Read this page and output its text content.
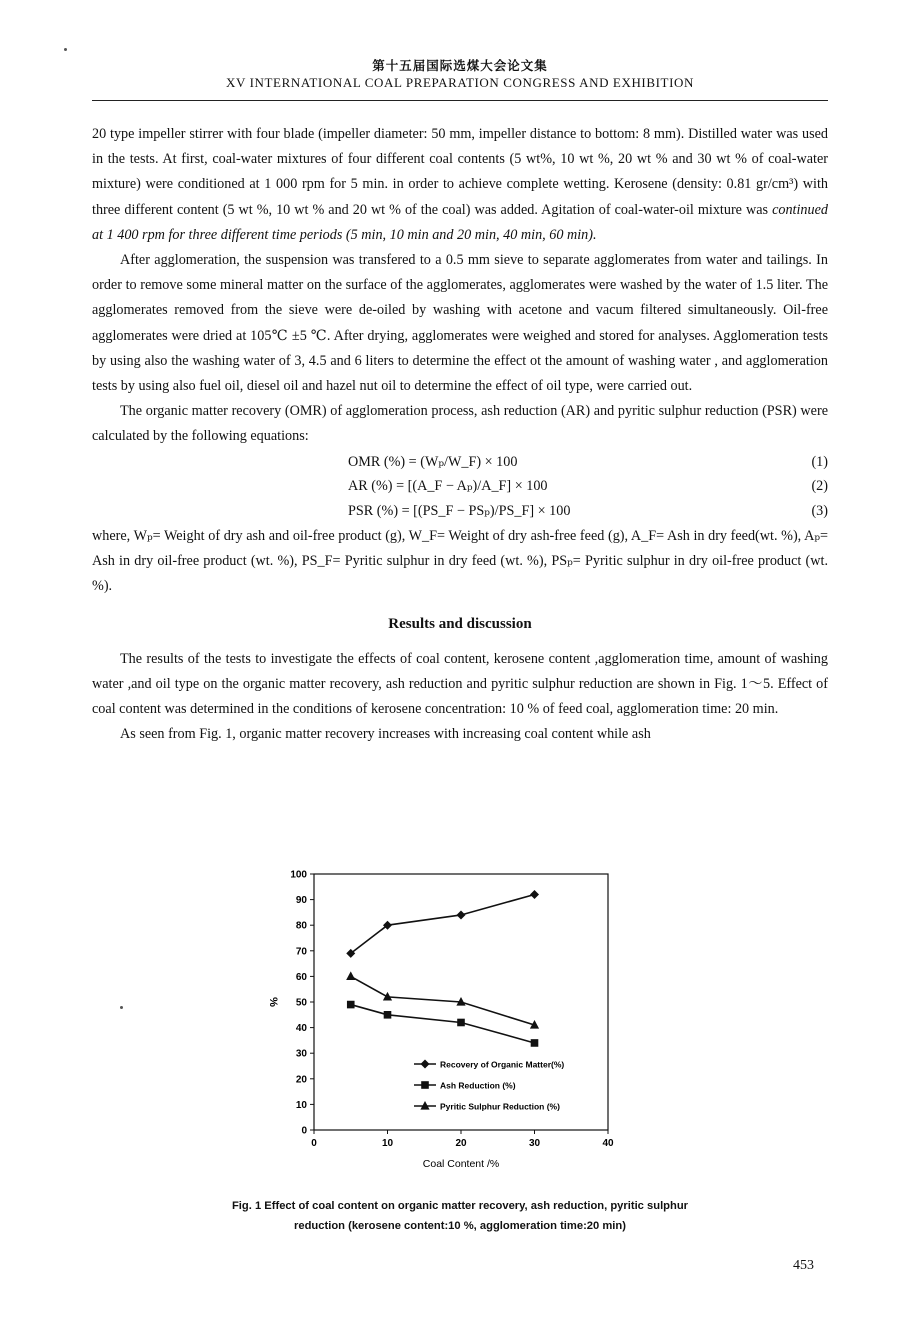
第十五届国际选煤大会论文集
XV INTERNATIONAL COAL PREPARATION CONGRESS AND EXHIBITION

20 type impeller stirrer with four blade (impeller diameter: 50 mm, impeller distance to bottom: 8 mm). Distilled water was used in the tests. At first, coal-water mixtures of four different coal contents (5 wt%, 10 wt %, 20 wt % and 30 wt % of coal-water mixture) were conditioned at 1 000 rpm for 5 min. in order to achieve complete wetting. Kerosene (density: 0.81 gr/cm³) with three different content (5 wt %, 10 wt % and 20 wt % of the coal) was added. Agitation of coal-water-oil mixture was continued at 1 400 rpm for three different time periods (5 min, 10 min and 20 min, 40 min, 60 min).

After agglomeration, the suspension was transfered to a 0.5 mm sieve to separate agglomerates from water and tailings. In order to remove some mineral matter on the surface of the agglomerates, agglomerates were washed by the water of 1.5 liter. The agglomerates removed from the sieve were de-oiled by washing with acetone and vacum filtered simultaneously. Oil-free agglomerates were dried at 105℃ ±5 ℃. After drying, agglomerates were weighed and stored for analyses. Agglomeration tests by using also the washing water of 3, 4.5 and 6 liters to determine the effect ot the amount of washing water , and agglomeration tests by using also fuel oil, diesel oil and hazel nut oil to determine the effect of oil type, were carried out.

The organic matter recovery (OMR) of agglomeration process, ash reduction (AR) and pyritic sulphur reduction (PSR) were calculated by the following equations:

OMR (%) = (Wₚ/W_F) × 100	(1)
AR (%) = [(A_F − Aₚ)/A_F] × 100	(2)
PSR (%) = [(PS_F − PSₚ)/PS_F] × 100	(3)

where, Wₚ= Weight of dry ash and oil-free product (g), W_F= Weight of dry ash-free feed (g), A_F= Ash in dry feed(wt. %), Aₚ= Ash in dry oil-free product (wt. %), PS_F= Pyritic sulphur in dry feed (wt. %), PSₚ= Pyritic sulphur in dry oil-free product (wt. %).

Results and discussion

The results of the tests to investigate the effects of coal content, kerosene content ,agglomeration time, amount of washing water ,and oil type on the organic matter recovery, ash reduction and pyritic sulphur reduction are shown in Fig. 1～5. Effect of coal content was determined in the conditions of kerosene concentration: 10 % of feed coal, agglomeration time: 20 min.

As seen from Fig. 1, organic matter recovery increases with increasing coal content while ash

0
10
20
30
40
50
60
70
80
90
100
0	10	20	30	40
Coal Content /%
%
Recovery of Organic Matter(%)
Ash Reduction (%)
Pyritic Sulphur Reduction (%)
Fig. 1 Effect of coal content on organic matter recovery, ash reduction, pyritic sulphur
reduction (kerosene content:10 %, agglomeration time:20 min)
453
